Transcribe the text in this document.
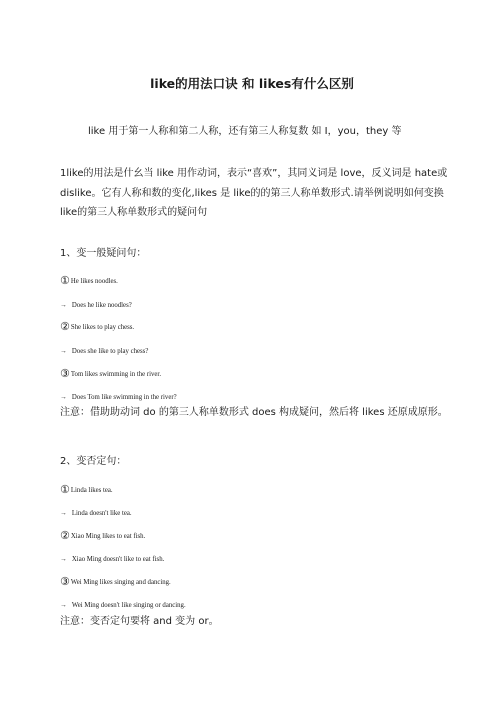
like的用法口诀 和 likes有什么区别
like 用于第一人称和第二人称，还有第三人称复数 如 I，you，they 等
1like的用法是什幺当 like 用作动词，表示“喜欢”，其同义词是 love，反义词是 hate或 dislike。它有人称和数的变化,likes 是 like的的第三人称单数形式.请举例说明如何变换 like的第三人称单数形式的疑问句
1、变一般疑问句：
①He likes noodles.
→ Does he like noodles?
②She likes to play chess.
→ Does she like to play chess?
③Tom likes swimming in the river.
→ Does Tom like swimming in the river?
注意：借助助动词 do 的第三人称单数形式 does 构成疑问，然后将 likes 还原成原形。
2、变否定句：
①Linda likes tea.
→ Linda doesn't like tea.
②Xiao Ming likes to eat fish.
→ Xiao Ming doesn't like to eat fish.
③Wei Ming likes singing and dancing.
→ Wei Ming doesn't like singing or dancing.
注意：变否定句要将 and 变为 or。
